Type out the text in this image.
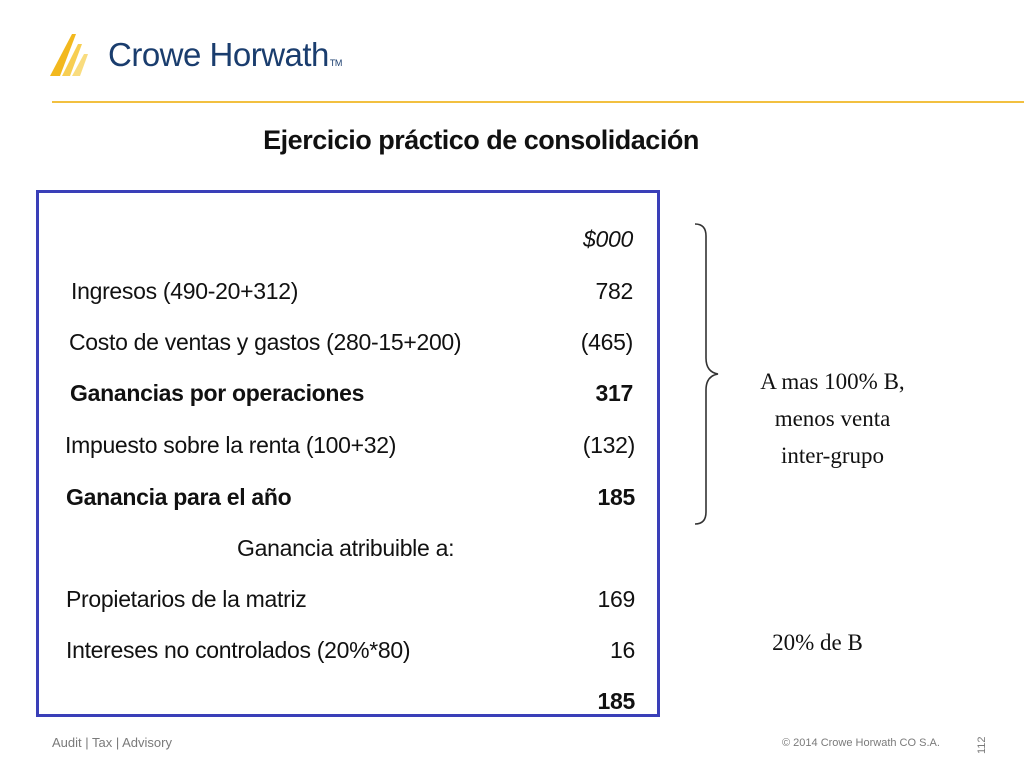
Crowe HorwathTM
Ejercicio práctico de consolidación
$000
Ingresos (490-20+312)	782
Costo de ventas y gastos (280-15+200)	(465)
Ganancias por operaciones	317
Impuesto sobre la renta (100+32)	(132)
Ganancia para el año	185
Ganancia atribuible a:
Propietarios de la matriz	169
Intereses no controlados (20%*80)	16
185
A mas 100% B,
menos venta
inter-grupo
20% de B
Audit | Tax | Advisory	© 2014 Crowe Horwath CO S.A.	112
